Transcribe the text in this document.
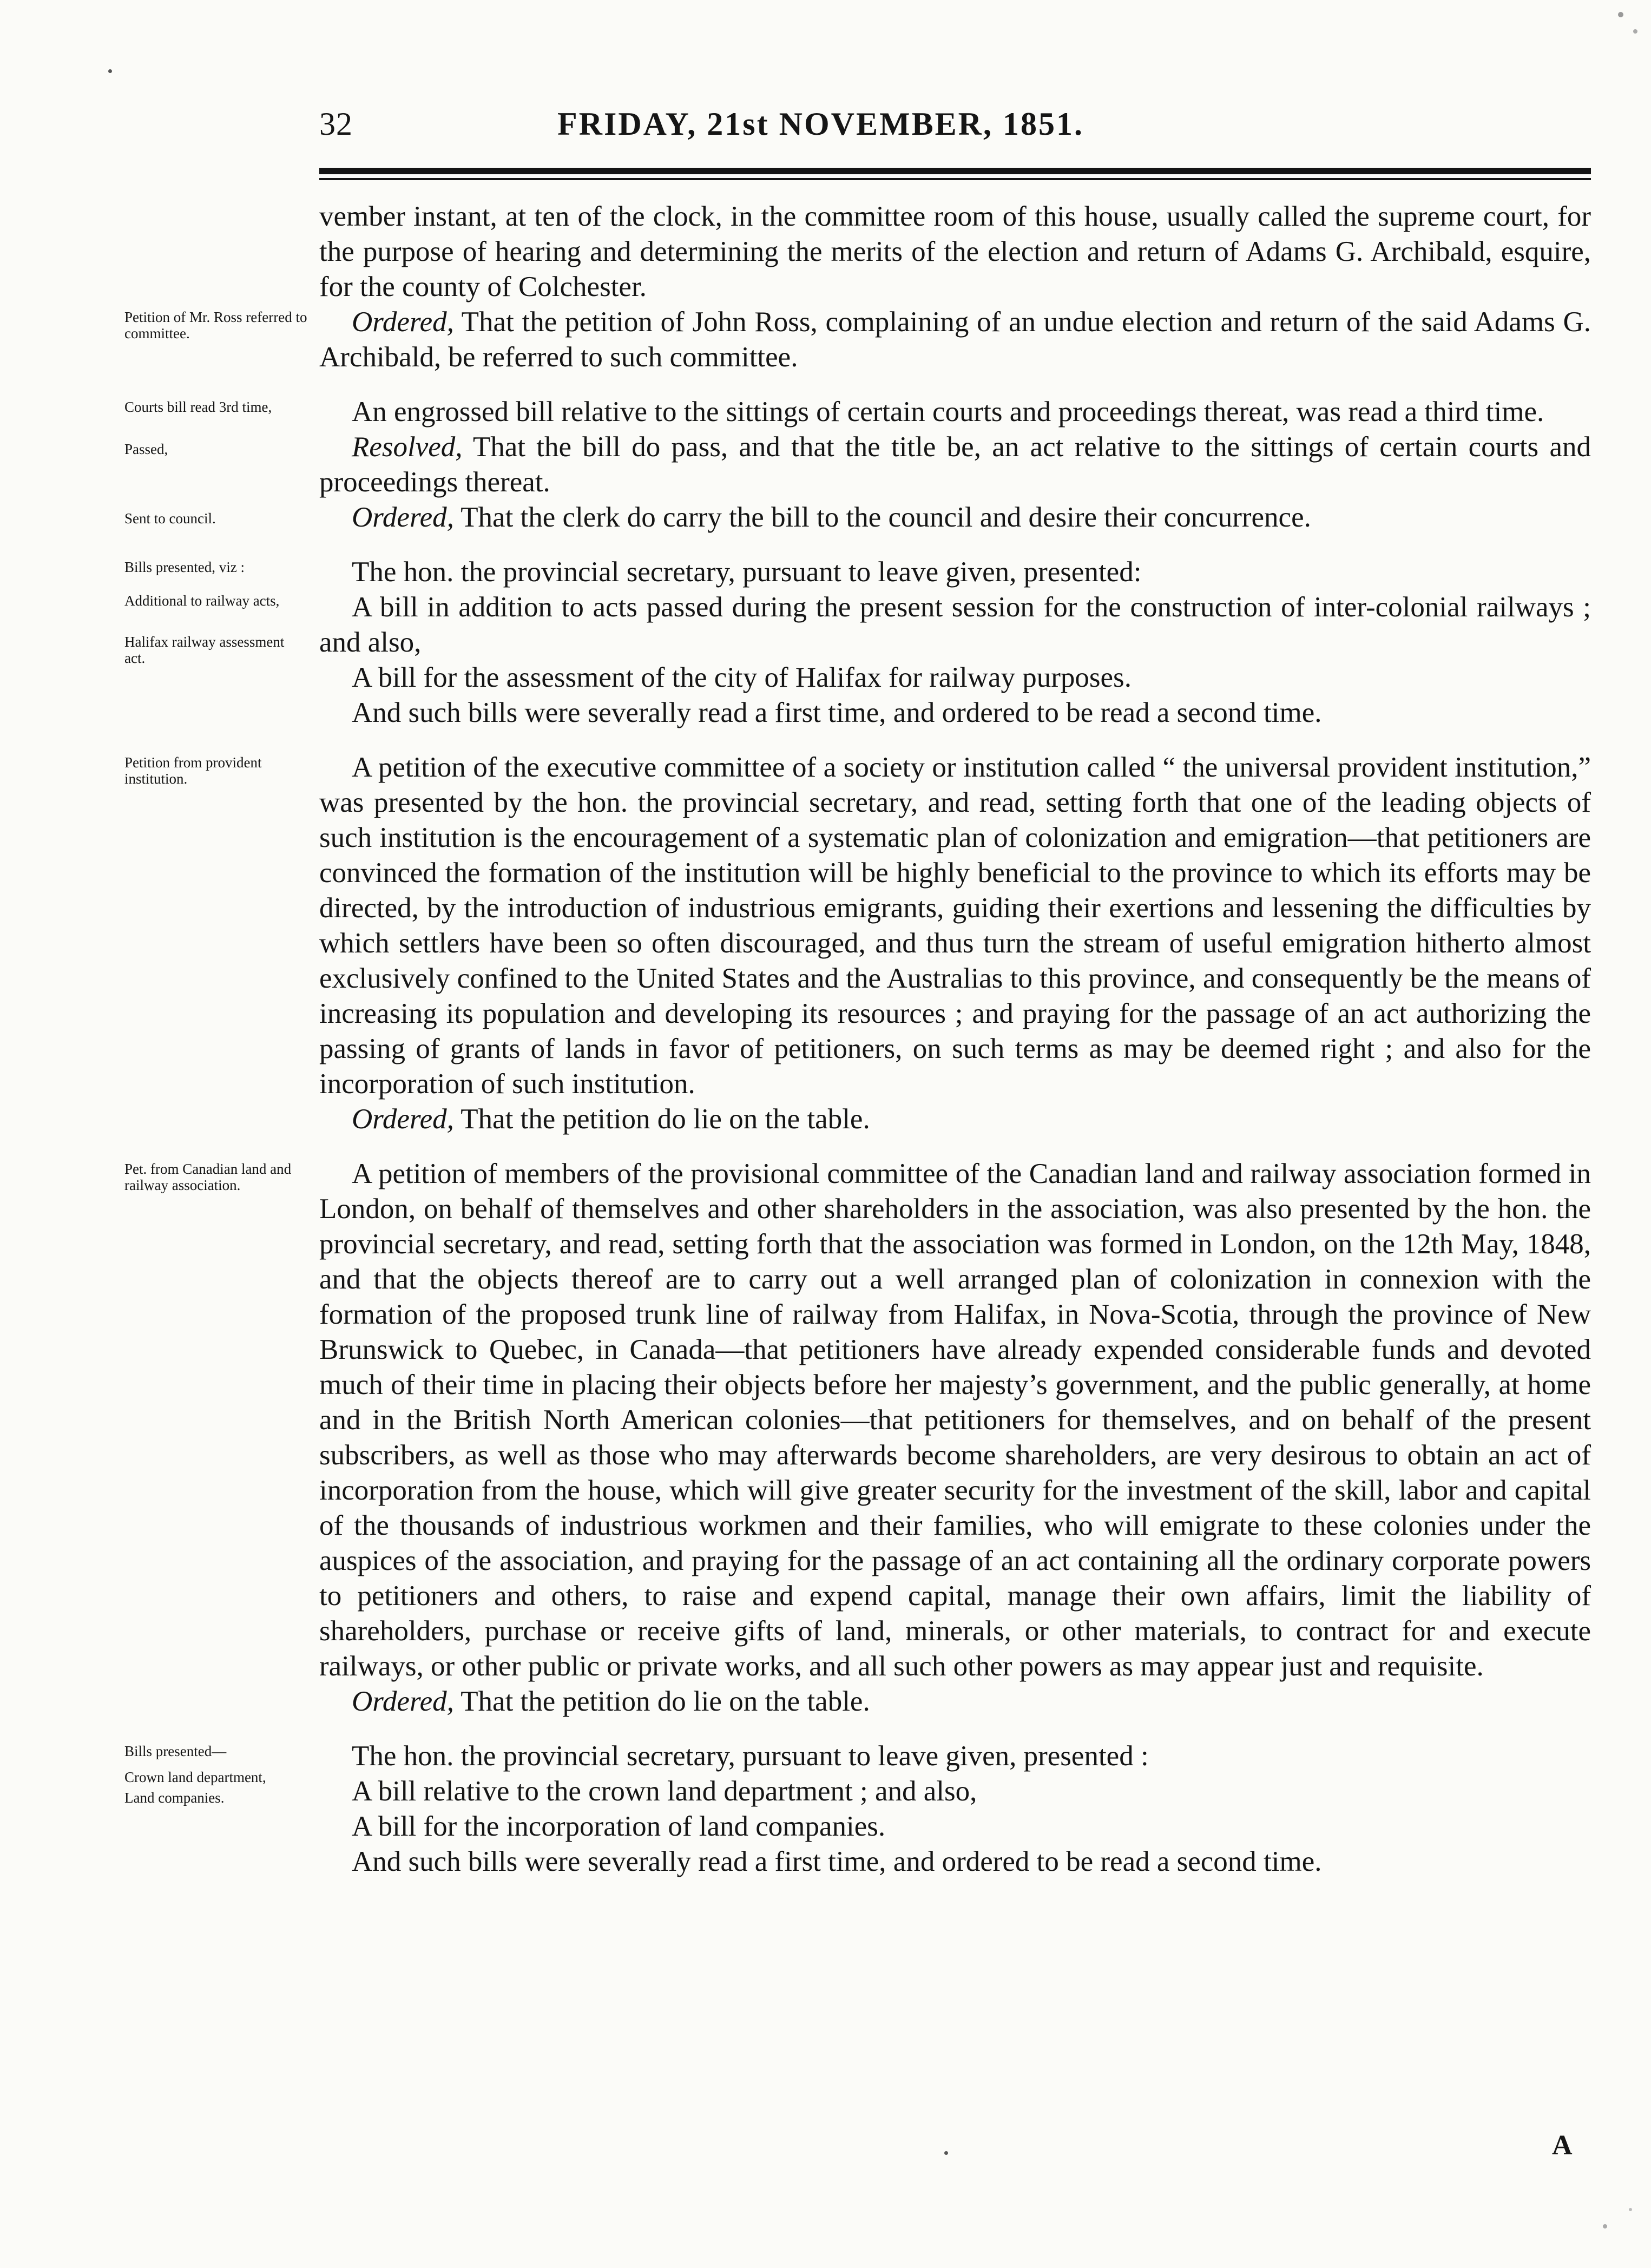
32	FRIDAY, 21st NOVEMBER, 1851.

vember instant, at ten of the clock, in the committee room of this house, usually called the supreme court, for the purpose of hearing and determining the merits of the election and return of Adams G. Archibald, esquire, for the county of Colchester.

Petition of Mr. Ross referred to committee.	Ordered, That the petition of John Ross, complaining of an undue election and return of the said Adams G. Archibald, be referred to such committee.

Courts bill read 3rd time,
Passed,
Sent to council.

An engrossed bill relative to the sittings of certain courts and proceedings thereat, was read a third time.

Resolved, That the bill do pass, and that the title be, an act relative to the sittings of certain courts and proceedings thereat.

Ordered, That the clerk do carry the bill to the council and desire their concurrence.

Bills presented, viz :
Additional to railway acts,
Halifax railway assessment act.

The hon. the provincial secretary, pursuant to leave given, presented:

A bill in addition to acts passed during the present session for the construction of inter-colonial railways ; and also,

A bill for the assessment of the city of Halifax for railway purposes.

And such bills were severally read a first time, and ordered to be read a second time.

Petition from provident institution.	A petition of the executive committee of a society or institution called “ the universal provident institution,” was presented by the hon. the provincial secretary, and read, setting forth that one of the leading objects of such institution is the encouragement of a systematic plan of colonization and emigration—that petitioners are convinced the formation of the institution will be highly beneficial to the province to which its efforts may be directed, by the introduction of industrious emigrants, guiding their exertions and lessening the difficulties by which settlers have been so often discouraged, and thus turn the stream of useful emigration hitherto almost exclusively confined to the United States and the Australias to this province, and consequently be the means of increasing its population and developing its resources ; and praying for the passage of an act authorizing the passing of grants of lands in favor of petitioners, on such terms as may be deemed right ; and also for the incorporation of such institution.

Ordered, That the petition do lie on the table.

Pet. from Canadian land and railway association.	A petition of members of the provisional committee of the Canadian land and railway association formed in London, on behalf of themselves and other shareholders in the association, was also presented by the hon. the provincial secretary, and read, setting forth that the association was formed in London, on the 12th May, 1848, and that the objects thereof are to carry out a well arranged plan of colonization in connexion with the formation of the proposed trunk line of railway from Halifax, in Nova-Scotia, through the province of New Brunswick to Quebec, in Canada—that petitioners have already expended considerable funds and devoted much of their time in placing their objects before her majesty’s government, and the public generally, at home and in the British North American colonies—that petitioners for themselves, and on behalf of the present subscribers, as well as those who may afterwards become shareholders, are very desirous to obtain an act of incorporation from the house, which will give greater security for the investment of the skill, labor and capital of the thousands of industrious workmen and their families, who will emigrate to these colonies under the auspices of the association, and praying for the passage of an act containing all the ordinary corporate powers to petitioners and others, to raise and expend capital, manage their own affairs, limit the liability of shareholders, purchase or receive gifts of land, minerals, or other materials, to contract for and execute railways, or other public or private works, and all such other powers as may appear just and requisite.

Ordered, That the petition do lie on the table.

Bills presented—
Crown land department,
Land companies.

The hon. the provincial secretary, pursuant to leave given, presented :

A bill relative to the crown land department ; and also,

A bill for the incorporation of land companies.

And such bills were severally read a first time, and ordered to be read a second time.

A
